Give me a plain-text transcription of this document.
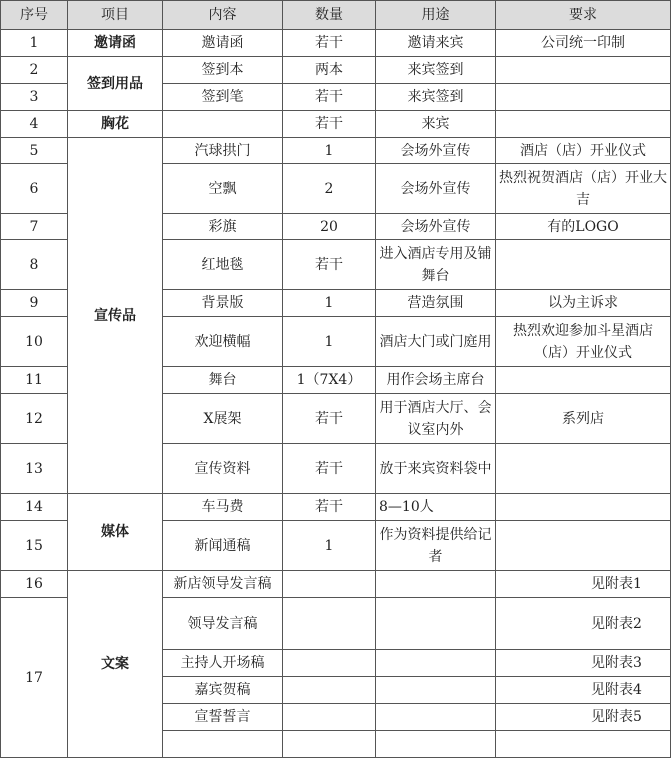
序号	项目	内容	数量	用途	要求
1	邀请函	邀请函	若干	邀请来宾	公司统一印制
2	签到用品	签到本	两本	来宾签到	
3		签到笔	若干	来宾签到	
4	胸花		若干	来宾	
5	宣传品	汽球拱门	1	会场外宣传	酒店（店）开业仪式
6		空飘	2	会场外宣传	热烈祝贺酒店（店）开业大吉
7		彩旗	20	会场外宣传	有的LOGO
8		红地毯	若干	进入酒店专用及铺舞台	
9		背景版	1	营造氛围	以为主诉求
10		欢迎横幅	1	酒店大门或门庭用	热烈欢迎参加斗星酒店（店）开业仪式
11		舞台	1（7X4）	用作会场主席台	
12		X展架	若干	用于酒店大厅、会议室内外	系列店
13		宣传资料	若干	放于来宾资料袋中	
14	媒体	车马费	若干	8—10人	
15		新闻通稿	1	作为资料提供给记者	
16	文案	新店领导发言稿			见附表1
17		领导发言稿			见附表2
		主持人开场稿			见附表3
		嘉宾贺稿			见附表4
		宣誓誓言			见附表5
